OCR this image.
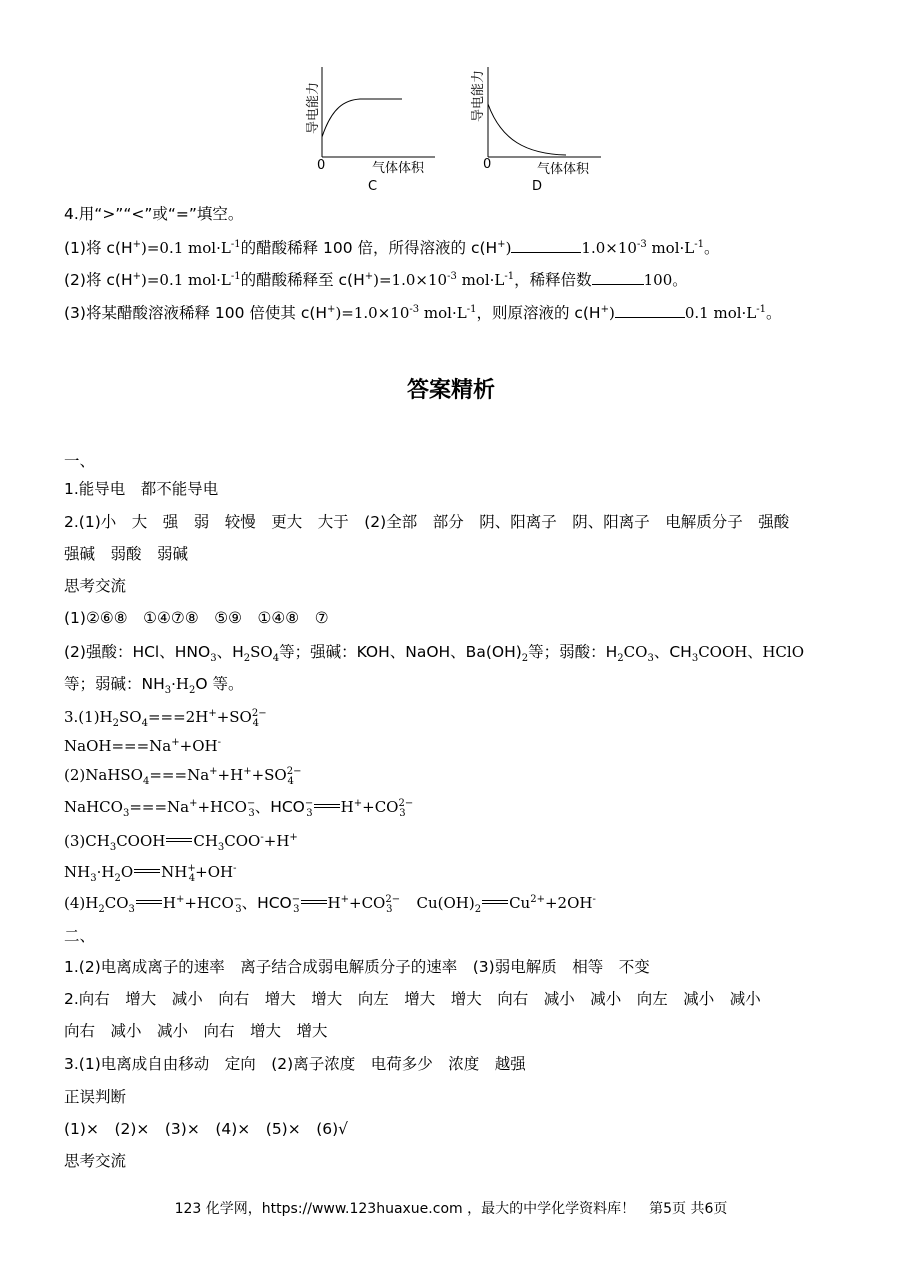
导电能力
0	气体体积
C
导电能力
0	气体体积
D
4.用“>”“<”或“=”填空。
(1)将 c(H+)=0.1 $mol\cdot L^{-1}$的醋酸稀释 100 倍，所得溶液的 c(H+)	$1.0\times 10^{-3}$ $mol\cdot L^{-1}$。
(2)将 c(H+)=0.1 $mol\cdot L^{-1}$的醋酸稀释至 $c(H^+)=1.0\times 10^{-3}$ $mol\cdot L^{-1}$，稀释倍数	100。
(3)将某醋酸溶液稀释 100 倍使其 $c(H^+)=1.0\times 10^{-3}$ $mol\cdot L^{-1}$，则原溶液的 c(H+)	0.1 $mol\cdot L^{-1}$。
答案精析
一、
1.能导电　都不能导电
2.(1)小　大　强　弱　较慢　更大　大于　(2)全部　部分　阴、阳离子　阴、阳离子　电解质分子　强酸
强碱　弱酸　弱碱
思考交流
(1)②⑥⑧　①④⑦⑧　⑤⑨　①④⑧　⑦
(2)强酸：HCl、$HNO_3$、$H_2SO_4$等；强碱：KOH、NaOH、$Ba(OH)_2$等；弱酸：$H_2CO_3$、$CH_3COOH$、HClO
等；弱碱：$NH_3\cdot H_2O$ 等。
$3.(1)H_2SO_4===2H^++SO^{2-}_4$
NaOH===Na++OH-
$(2)NaHSO_4===Na^++H^++SO^{2-}_4$
$NaHCO_3===Na^++HCO^-_3$、$HCO^-_3$ $H^++CO^{2-}_3$
$(3)CH_3COOH$ $CH_3COO^-+H^+$
$NH_3\cdot H_2O$ $NH^+_4+OH^-$
$(4)H_2CO_3$ $H^++HCO^-_3$、$HCO^-_3$ $H^++CO^{2-}_3$ $Cu(OH)_2$ $Cu^{2+}+2OH^-$
二、
1.(2)电离成离子的速率　离子结合成弱电解质分子的速率　(3)弱电解质　相等　不变
2.向右　增大　减小　向右　增大　增大　向左　增大　增大　向右　减小　减小　向左　减小　减小
向右　减小　减小　向右　增大　增大
3.(1)电离成自由移动　定向　(2)离子浓度　电荷多少　浓度　越强
正误判断
(1)×　(2)×　(3)×　(4)×　(5)×　(6)√
思考交流
123 化学网，https://www.123huaxue.com ，最大的中学化学资料库！　第5页 共6页
